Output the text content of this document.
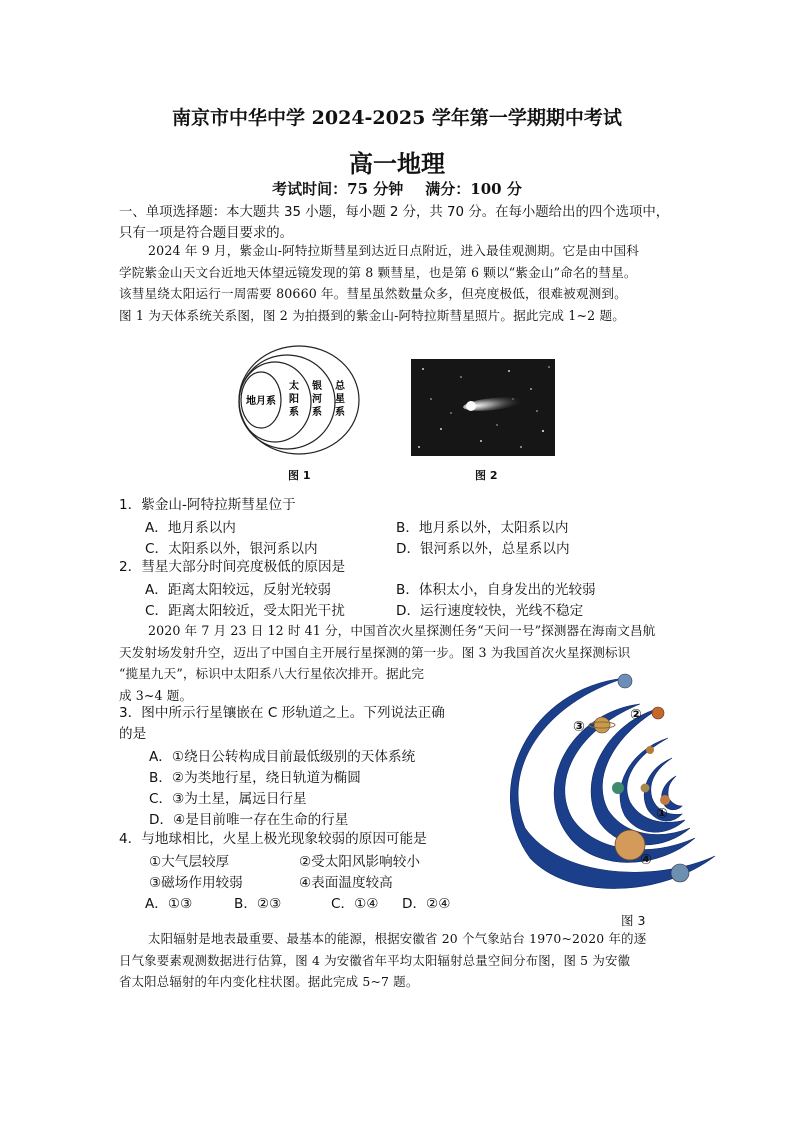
南京市中华中学 2024-2025 学年第一学期期中考试
高一地理
考试时间：75 分钟 满分：100 分
一、单项选择题：本大题共 35 小题，每小题 2 分，共 70 分。在每小题给出的四个选项中，
只有一项是符合题目要求的。
2024 年 9 月，紫金山-阿特拉斯彗星到达近日点附近，进入最佳观测期。它是由中国科
学院紫金山天文台近地天体望远镜发现的第 8 颗彗星，也是第 6 颗以“紫金山”命名的彗星。
该彗星绕太阳运行一周需要 80660 年。彗星虽然数量众多，但亮度极低，很难被观测到。
图 1 为天体系统关系图，图 2 为拍摄到的紫金山-阿特拉斯彗星照片。据此完成 1~2 题。
地月系
太
阳
系
银
河
系
总
星
系
图 1	图 2
1．紫金山-阿特拉斯彗星位于
A．地月系以内	B．地月系以外，太阳系以内
C．太阳系以外，银河系以内	D．银河系以外，总星系以内
2．彗星大部分时间亮度极低的原因是
A．距离太阳较远，反射光较弱	B．体积太小，自身发出的光较弱
C．距离太阳较近，受太阳光干扰	D．运行速度较快，光线不稳定
2020 年 7 月 23 日 12 时 41 分，中国首次火星探测任务“天问一号”探测器在海南文昌航
天发射场发射升空，迈出了中国自主开展行星探测的第一步。图 3 为我国首次火星探测标识
“揽星九天”，标识中太阳系八大行星依次排开。据此完
成 3~4 题。
3．图中所示行星镶嵌在 C 形轨道之上。下列说法正确
的是
A．①绕日公转构成目前最低级别的天体系统
B．②为类地行星，绕日轨道为椭圆
C．③为土星，属远日行星
D．④是目前唯一存在生命的行星
4．与地球相比，火星上极光现象较弱的原因可能是
①大气层较厚	②受太阳风影响较小
③磁场作用较弱	④表面温度较高
A．①③	B．②③	C．①④ D．②④
③
②
①
④
图 3
太阳辐射是地表最重要、最基本的能源，根据安徽省 20 个气象站台 1970~2020 年的逐
日气象要素观测数据进行估算，图 4 为安徽省年平均太阳辐射总量空间分布图，图 5 为安徽
省太阳总辐射的年内变化柱状图。据此完成 5~7 题。
